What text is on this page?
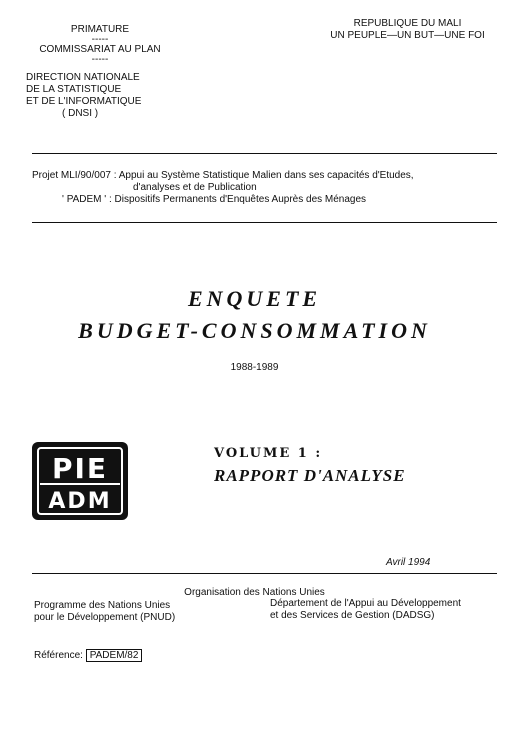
PRIMATURE
-----
COMMISSARIAT AU PLAN
-----
DIRECTION NATIONALE
DE LA STATISTIQUE
ET DE L'INFORMATIQUE
( DNSI )
REPUBLIQUE DU MALI
UN PEUPLE—UN BUT—UNE FOI
Projet MLI/90/007 : Appui au Système Statistique Malien dans ses capacités d'Etudes,
d'analyses et de Publication
' PADEM ' : Dispositifs Permanents d'Enquêtes Auprès des Ménages
ENQUETE
BUDGET-CONSOMMATION
1988-1989
PIE
ADM
VOLUME 1 :
RAPPORT D'ANALYSE
Avril 1994
Organisation des Nations Unies
Programme des Nations Unies
pour le Développement (PNUD)
Département de l'Appui au Développement
et des Services de Gestion (DADSG)
Référence: PADEM/82
